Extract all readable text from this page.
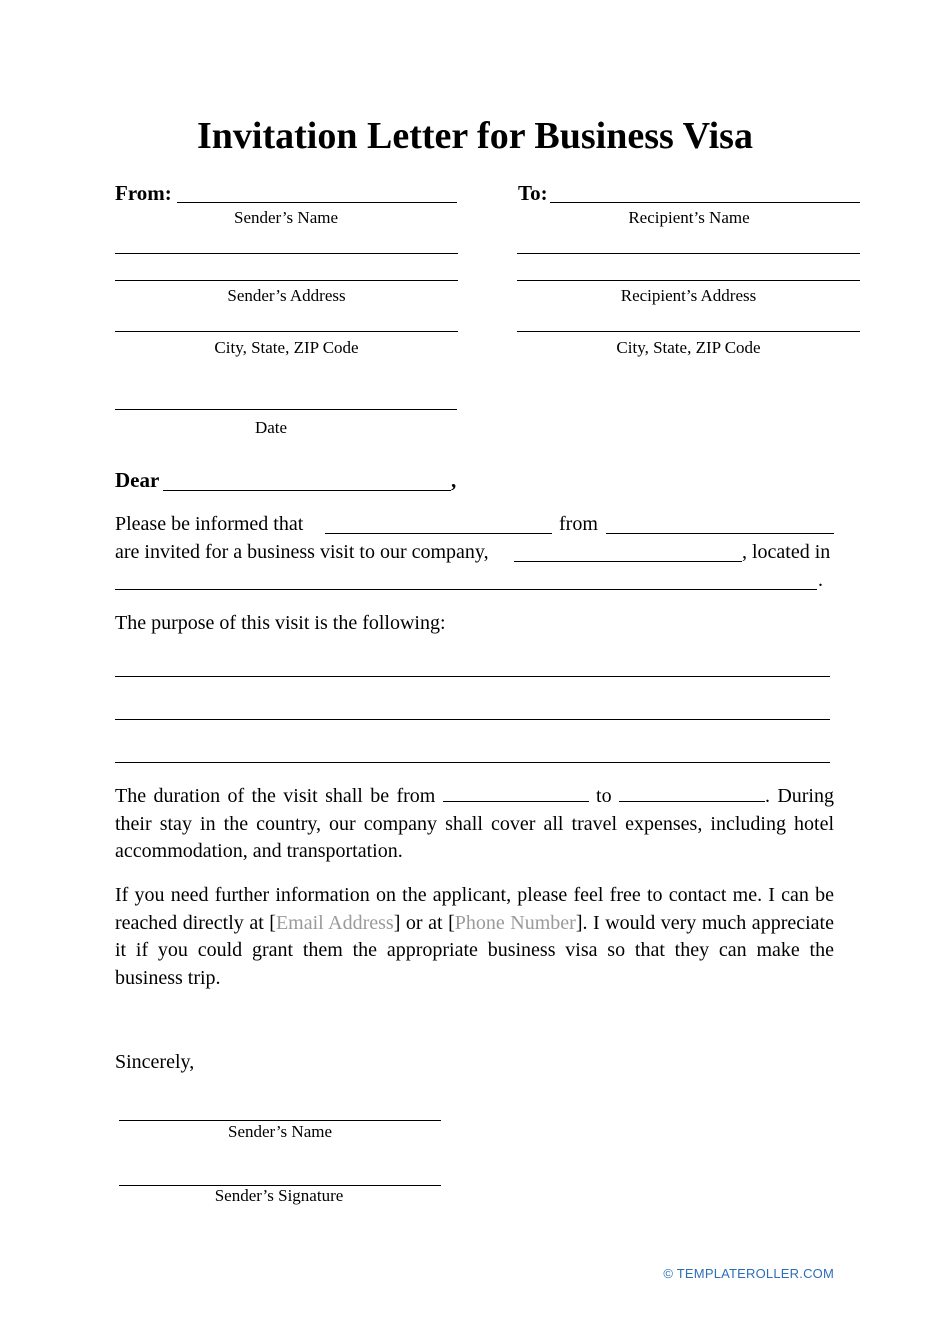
Invitation Letter for Business Visa
From:
Sender’s Name
Sender’s Address
City, State, ZIP Code
Date
To:
Recipient’s Name
Recipient’s Address
City, State, ZIP Code
Dear	,
Please be informed that	from
are invited for a business visit to our company,	, located in
.
The purpose of this visit is the following:
The duration of the visit shall be from	to	. During their stay in the country, our company shall cover all travel expenses, including hotel accommodation, and transportation.
If you need further information on the applicant, please feel free to contact me. I can be reached directly at [Email Address] or at [Phone Number]. I would very much appreciate it if you could grant them the appropriate business visa so that they can make the business trip.
Sincerely,
Sender’s Name
Sender’s Signature
© TEMPLATEROLLER.COM
